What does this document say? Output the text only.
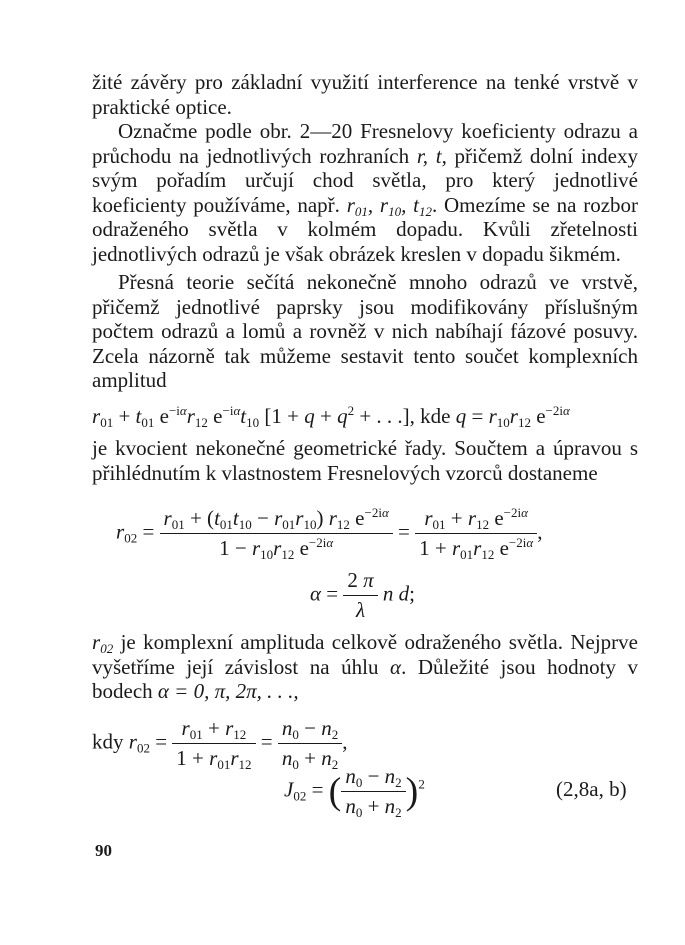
žité závěry pro základní využití interference na tenké vrstvě v praktické optice.

Označme podle obr. 2—20 Fresnelovy koeficienty odrazu a průchodu na jednotlivých rozhraních r, t, přičemž dolní indexy svým pořadím určují chod světla, pro který jednotlivé koeficienty používáme, např. $r_{01}$, $r_{10}$, $t_{12}$. Omezíme se na rozbor odraženého světla v kolmém dopadu. Kvůli zřetelnosti jednotlivých odrazů je však obrázek kreslen v dopadu šikmém.

Přesná teorie sečítá nekonečně mnoho odrazů ve vrstvě, přičemž jednotlivé paprsky jsou modifikovány příslušným počtem odrazů a lomů a rovněž v nich nabíhají fázové posuvy. Zcela názorně tak můžeme sestavit tento součet komplexních amplitud

$r_{01} + t_{01}$ $e^{-i\alpha}r_{12}$ $e^{-i\alpha}t_{10}$ [$1 + q + q^2$ + . . .], kde $q = r_{10}r_{12}$ $e^{-2i\alpha}$

je kvocient nekonečné geometrické řady. Součtem a úpravou s přihlédnutím k vlastnostem Fresnelových vzorců dostaneme

$r_{02} = \frac{r_{01} + (t_{01}t_{10} - r_{01}r_{10}) r_{12} e^{-2i\alpha}}{1 - r_{10}r_{12} e^{-2i\alpha}} = \frac{r_{01} + r_{12} e^{-2i\alpha}}{1 + r_{01}r_{12} e^{-2i\alpha}}$ ,
$\alpha = \frac{2 \pi}{\lambda}$ n d;

$r_{02}$ je komplexní amplituda celkově odraženého světla. Nejprve vyšetříme její závislost na úhlu α. Důležité jsou hodnoty v bodech α = 0, π, 2π, . . .,

kdy $r_{02} = \frac{r_{01} + r_{12}}{1 + r_{01}r_{12}} = \frac{n_0 - n_2}{n_0 + n_2}$ ,
$J_{02}$ = ( $\frac{n_0 - n_2}{n_0 + n_2} )^2$	(2,8a, b)
90
